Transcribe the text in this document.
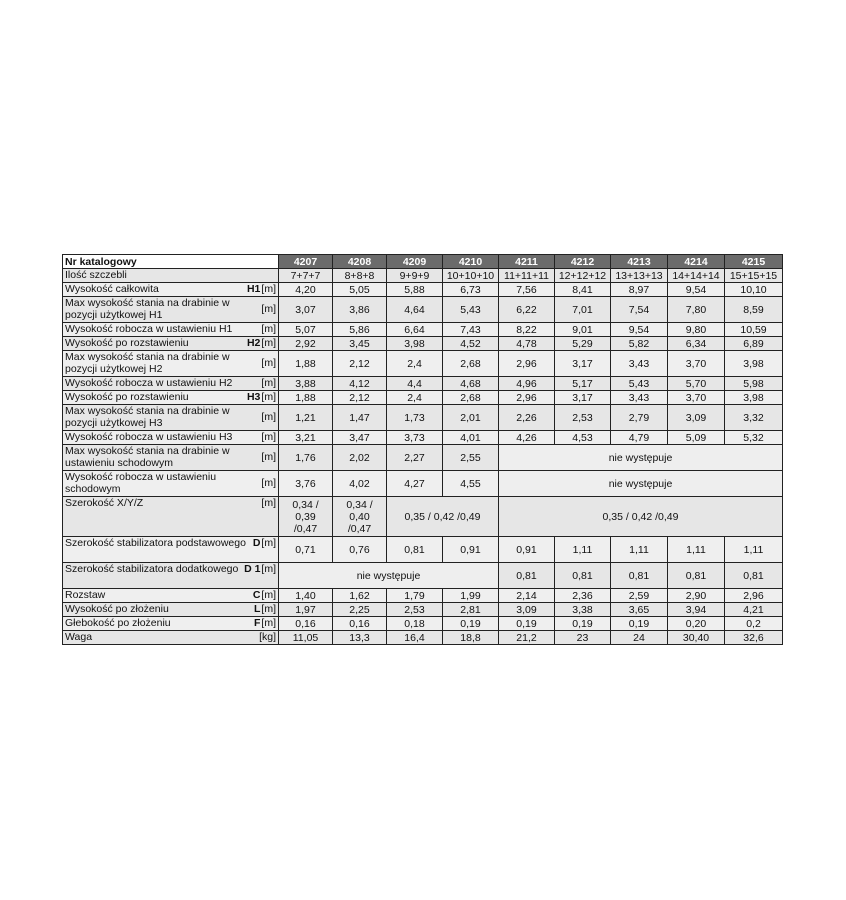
Nr katalogowy	4207	4208	4209	4210	4211	4212	4213	4214	4215

Ilość szczebli	7+7+7	8+8+8	9+9+9	10+10+10	11+11+11	12+12+12	13+13+13	14+14+14	15+15+15

Wysokość całkowita H1 [m]	4,20	5,05	5,88	6,73	7,56	8,41	8,97	9,54	10,10

Max wysokość stania na drabinie w pozycji użytkowej H1 [m]	3,07	3,86	4,64	5,43	6,22	7,01	7,54	7,80	8,59

Wysokość robocza w ustawieniu H1 [m]	5,07	5,86	6,64	7,43	8,22	9,01	9,54	9,80	10,59

Wysokość po rozstawieniu H2 [m]	2,92	3,45	3,98	4,52	4,78	5,29	5,82	6,34	6,89

Max wysokość stania na drabinie w pozycji użytkowej H2 [m]	1,88	2,12	2,4	2,68	2,96	3,17	3,43	3,70	3,98

Wysokość robocza w ustawieniu H2 [m]	3,88	4,12	4,4	4,68	4,96	5,17	5,43	5,70	5,98

Wysokość po rozstawieniu H3 [m]	1,88	2,12	2,4	2,68	2,96	3,17	3,43	3,70	3,98

Max wysokość stania na drabinie w pozycji użytkowej H3 [m]	1,21	1,47	1,73	2,01	2,26	2,53	2,79	3,09	3,32

Wysokość robocza w ustawieniu H3 [m]	3,21	3,47	3,73	4,01	4,26	4,53	4,79	5,09	5,32

Max wysokość stania na drabinie w ustawieniu schodowym [m]	1,76	2,02	2,27	2,55	nie występuje				

Wysokość robocza w ustawieniu schodowym [m]	3,76	4,02	4,27	4,55	nie występuje				

Szerokość X/Y/Z [m]	0,34 /
0,39
/0,47	0,34 /
0,40
/0,47	0,35 / 0,42 /0,49		0,35 / 0,42 /0,49				

Szerokość stabilizatora podstawowego D [m]	0,71	0,76	0,81	0,91	0,91	1,11	1,11	1,11	1,11

Szerokość stabilizatora dodatkowego D 1 [m]	nie występuje				0,81	0,81	0,81	0,81	0,81

Rozstaw C [m]	1,40	1,62	1,79	1,99	2,14	2,36	2,59	2,90	2,96

Wysokość po złożeniu L [m]	1,97	2,25	2,53	2,81	3,09	3,38	3,65	3,94	4,21

Głebokość po złożeniu F [m]	0,16	0,16	0,18	0,19	0,19	0,19	0,19	0,20	0,2

Waga [kg]	11,05	13,3	16,4	18,8	21,2	23	24	30,40	32,6
